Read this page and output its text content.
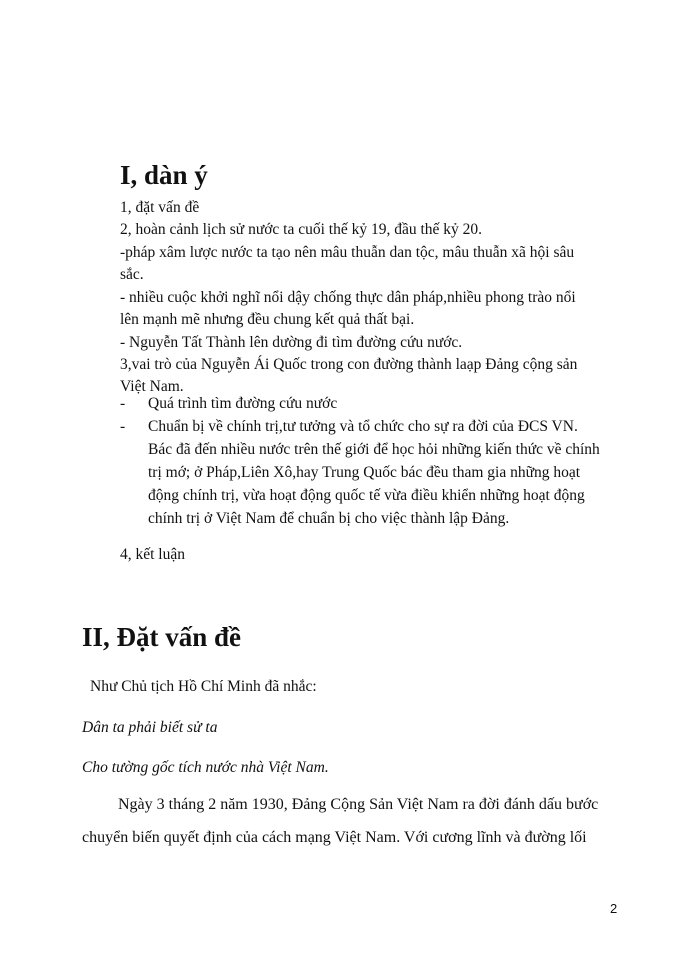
I, dàn ý
1, đặt vấn đề
2, hoàn cảnh lịch sử nước ta cuối thế kỷ 19, đầu thế kỷ 20.
-pháp xâm lược nước ta tạo nên mâu thuẫn dan tộc, mâu thuẫn xã hội sâu
sắc.
- nhiều cuộc khởi nghĩ nổi dậy chống thực dân pháp,nhiều phong trào nổi
lên mạnh mẽ nhưng đều chung kết quả thất bại.
- Nguyễn Tất Thành lên dường đi tìm đường cứu nước.
3,vai trò của Nguyễn Ái Quốc trong con đường thành laạp Đảng cộng sản
Việt Nam.
- Quá trình tìm đường cứu nước
- Chuẩn bị về chính trị,tư tưởng và tổ chức cho sự ra đời của ĐCS VN.
Bác đã đến nhiều nước trên thế giới để học hỏi những kiến thức về chính
trị mớ; ở Pháp,Liên Xô,hay Trung Quốc bác đều tham gia những hoạt
động chính trị, vừa hoạt động quốc tế vừa điều khiển những hoạt động
chính trị ở Việt Nam để chuẩn bị cho việc thành lập Đảng.
4, kết luận
II, Đặt vấn đề
Như Chủ tịch Hồ Chí Minh đã nhắc:
Dân ta phải biết sử ta
Cho tường gốc tích nước nhà Việt Nam.
Ngày 3 tháng 2 năm 1930, Đảng Cộng Sản Việt Nam ra đời đánh dấu bước
chuyển biến quyết định của cách mạng Việt Nam. Với cương lĩnh và đường lối
2
